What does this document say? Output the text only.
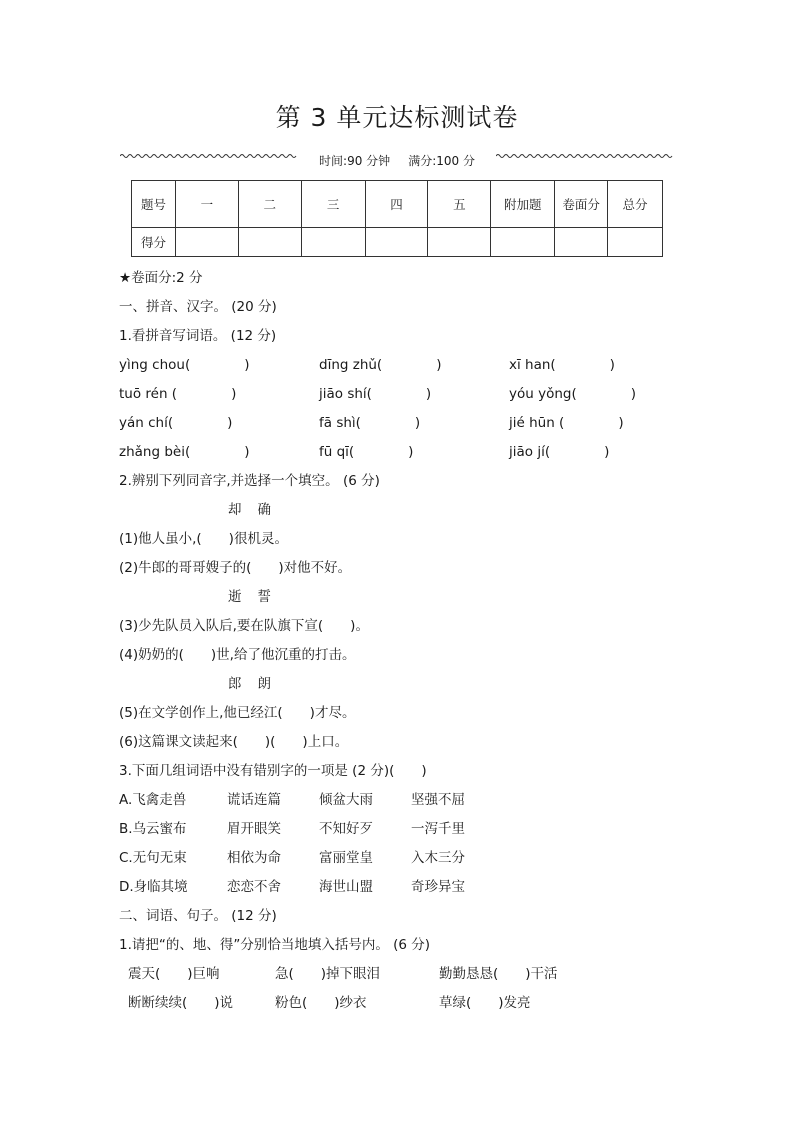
第 3 单元达标测试卷
时间:90 分钟 满分:100 分
题号	一	二	三	四	五	附加题	卷面分	总分
得分								
★卷面分:2 分
一、拼音、汉字。 (20 分)
1.看拼音写词语。 (12 分)
yìng chou(　　　　)	dīng zhǔ(　　　　)	xī han(　　　　)
tuō rén (　　　　)	jiāo shí(　　　　)	yóu yǒng(　　　　)
yán chí(　　　　)	fā shì(　　　　)	jié hūn (　　　　)
zhǎng bèi(　　　　)	fū qī(　　　　)	jiāo jí(　　　　)
2.辨别下列同音字,并选择一个填空。 (6 分)
却 确
(1)他人虽小,(　　)很机灵。
(2)牛郎的哥哥嫂子的(　　)对他不好。
逝 誓
(3)少先队员入队后,要在队旗下宣(　　)。
(4)奶奶的(　　)世,给了他沉重的打击。
郎 朗
(5)在文学创作上,他已经江(　　)才尽。
(6)这篇课文读起来(　　)(　　)上口。
3.下面几组词语中没有错别字的一项是 (2 分)(　　)
A.飞禽走兽	谎话连篇	倾盆大雨	坚强不屈
B.乌云蜜布	眉开眼笑	不知好歹	一泻千里
C.无句无束	相依为命	富丽堂皇	入木三分
D.身临其境	恋恋不舍	海世山盟	奇珍异宝
二、词语、句子。 (12 分)
1.请把“的、地、得”分别恰当地填入括号内。 (6 分)
震天(　　)巨响	急(　　)掉下眼泪	勤勤恳恳(　　)干活
断断续续(　　)说	粉色(　　)纱衣	草绿(　　)发亮
